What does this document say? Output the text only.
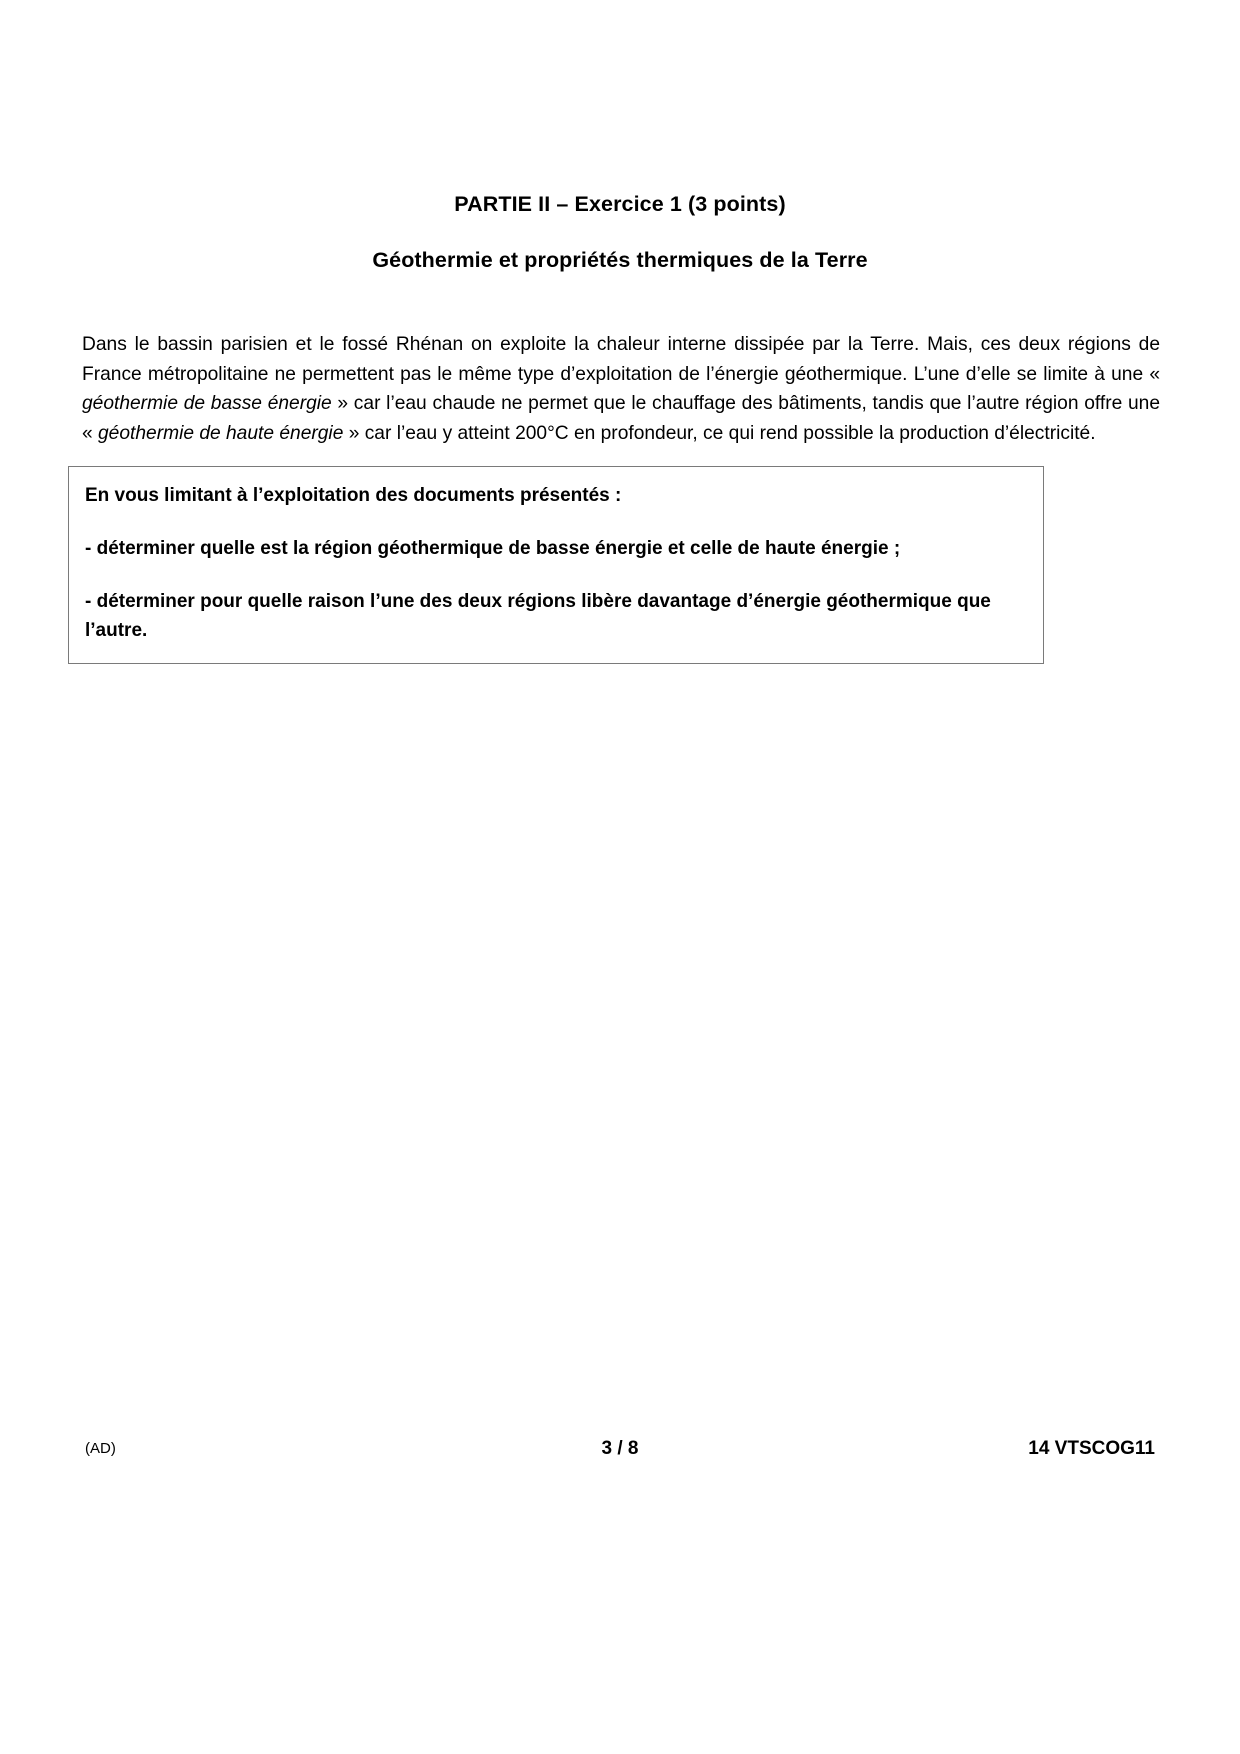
PARTIE II – Exercice 1 (3 points)
Géothermie et propriétés thermiques de la Terre
Dans le bassin parisien et le fossé Rhénan on exploite la chaleur interne dissipée par la Terre. Mais, ces deux régions de France métropolitaine ne permettent pas le même type d’exploitation de l’énergie géothermique. L’une d’elle se limite à une « géothermie de basse énergie » car l’eau chaude ne permet que le chauffage des bâtiments, tandis que l’autre région offre une « géothermie de haute énergie » car l’eau y atteint 200°C en profondeur, ce qui rend possible la production d’électricité.

En vous limitant à l’exploitation des documents présentés :

- déterminer quelle est la région géothermique de basse énergie et celle de haute énergie ;

- déterminer pour quelle raison l’une des deux régions libère davantage d’énergie géothermique que l’autre.

(AD)	3 / 8	14 VTSCOG11
